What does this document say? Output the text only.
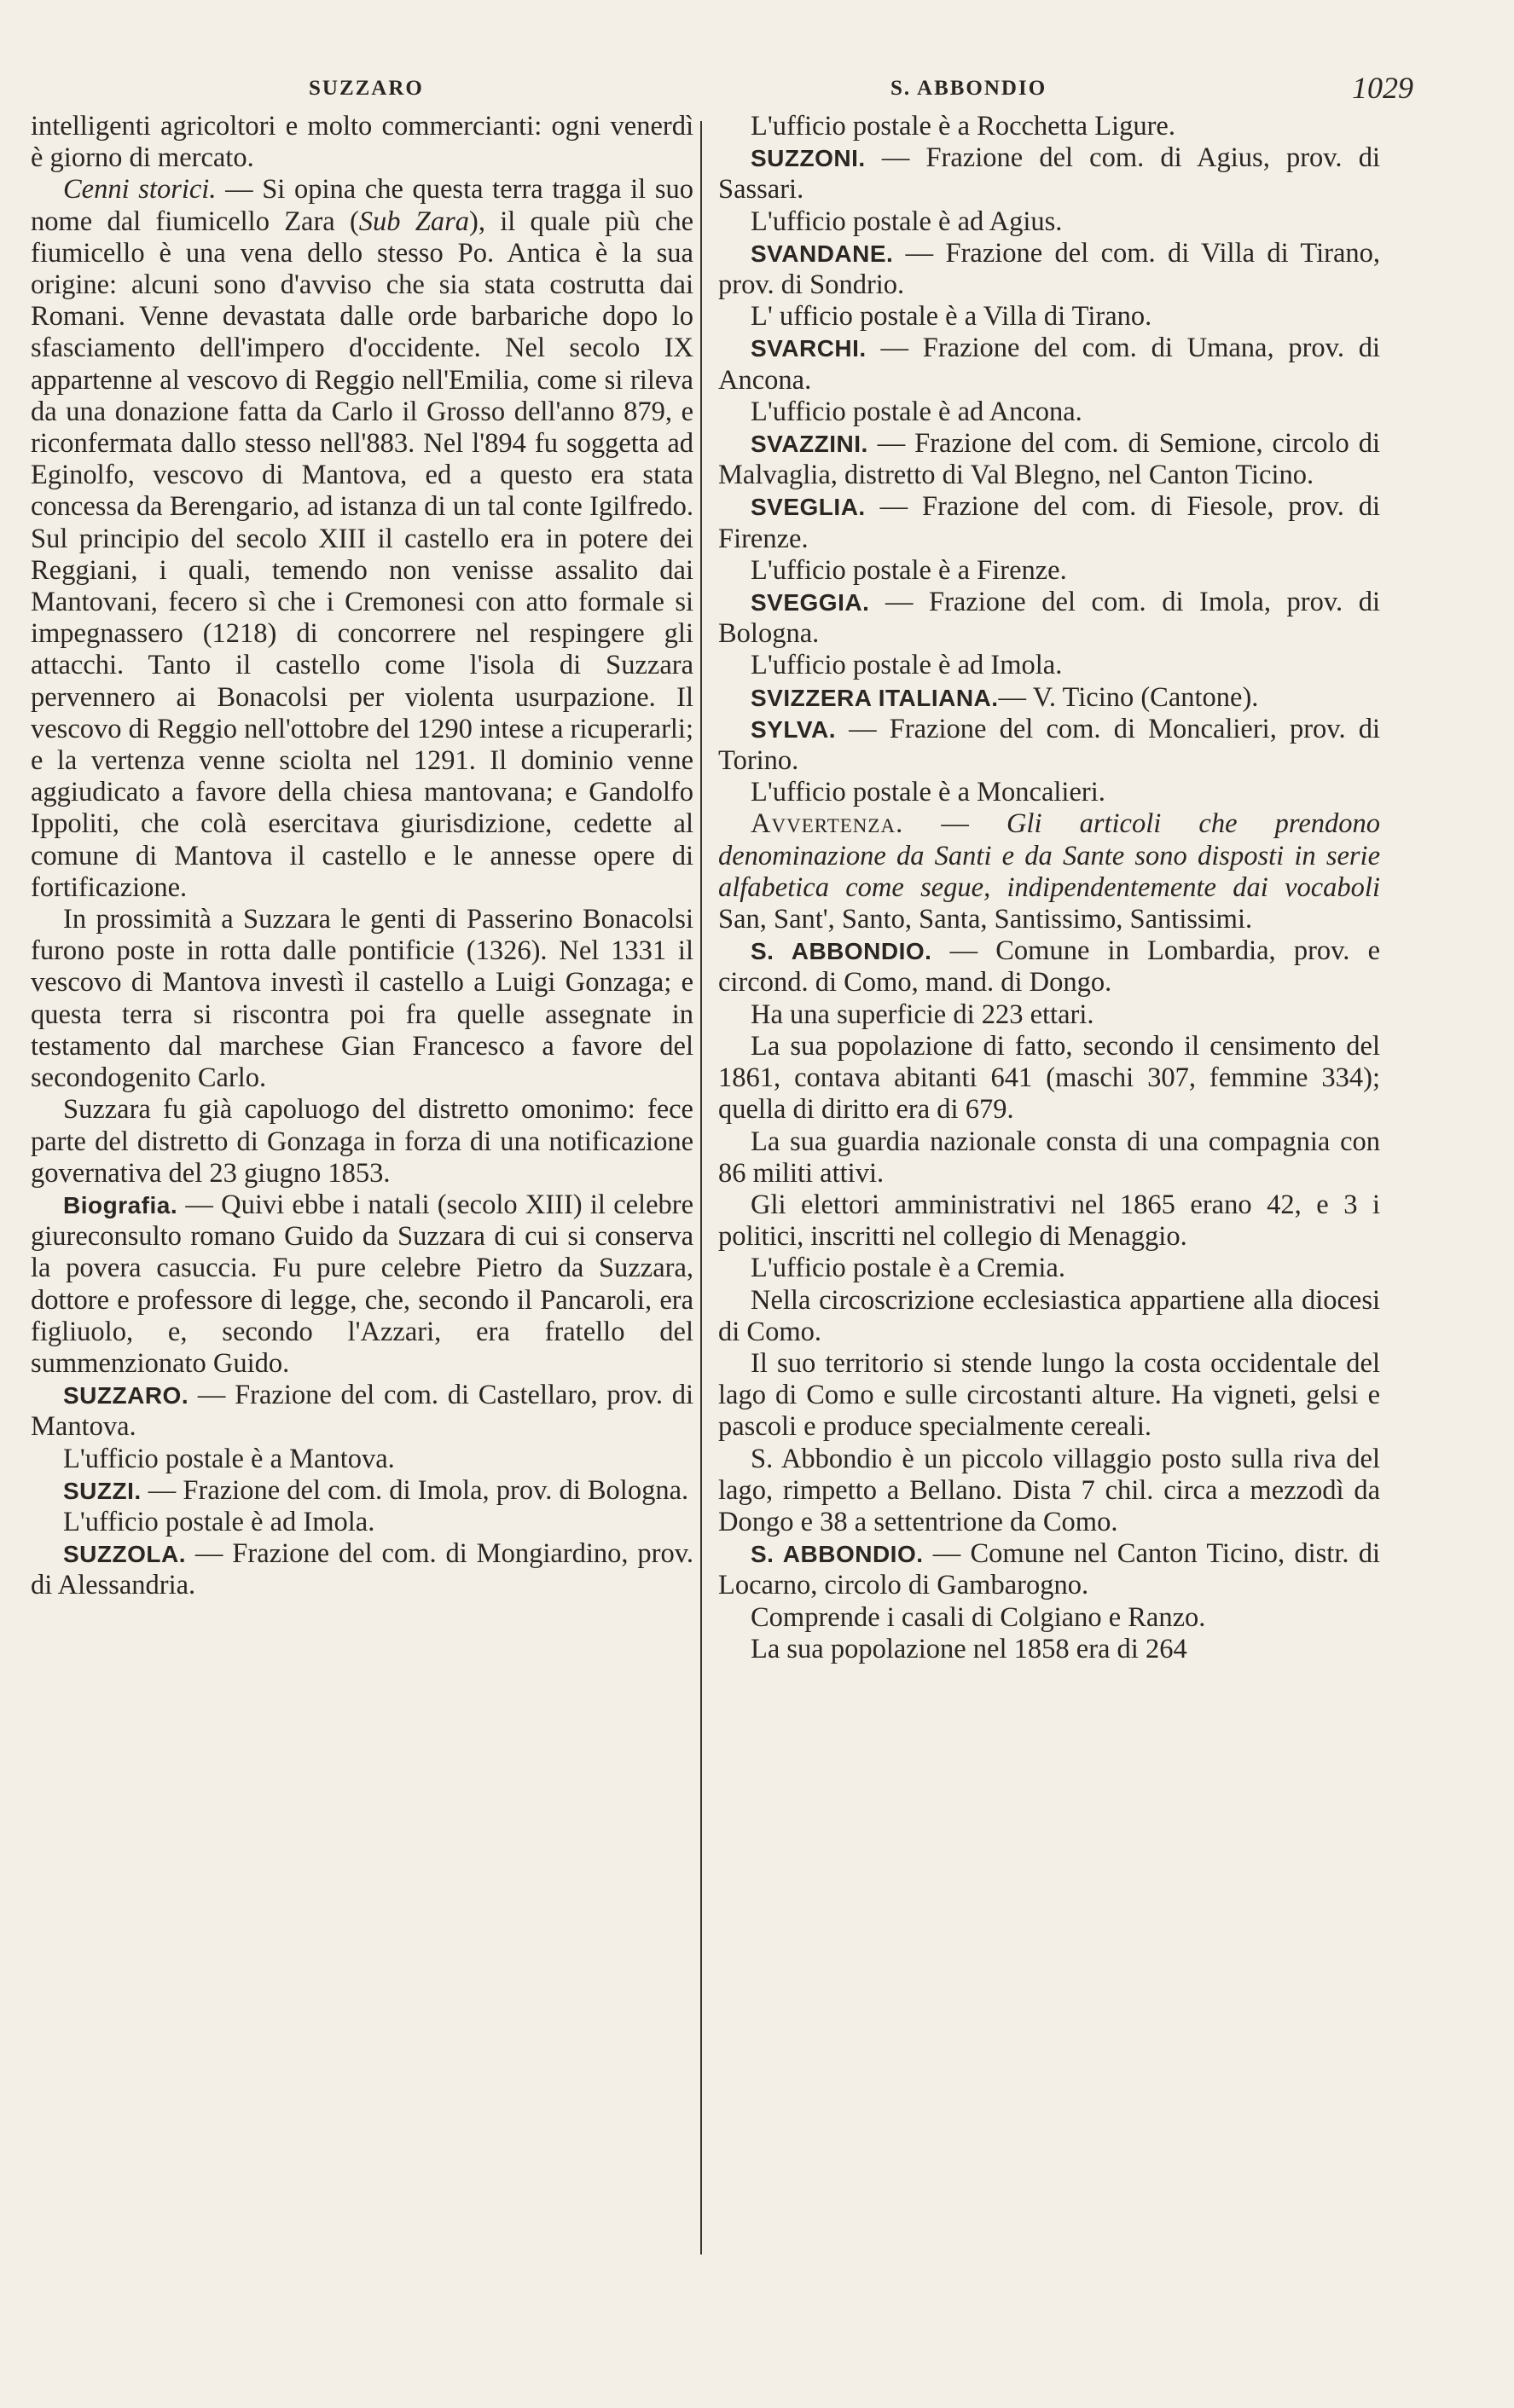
SUZZARO	S. ABBONDIO	1029

intelligenti agricoltori e molto commercianti: ogni venerdì è giorno di mercato.

Cenni storici. — Si opina che questa terra tragga il suo nome dal fiumicello Zara (Sub Zara), il quale più che fiumicello è una vena dello stesso Po. Antica è la sua origine: alcuni sono d'avviso che sia stata costrutta dai Romani. Venne devastata dalle orde barbariche dopo lo sfasciamento dell'impero d'occidente. Nel secolo IX appartenne al vescovo di Reggio nell'Emilia, come si rileva da una donazione fatta da Carlo il Grosso dell'anno 879, e riconfermata dallo stesso nell'883. Nel l'894 fu soggetta ad Eginolfo, vescovo di Mantova, ed a questo era stata concessa da Berengario, ad istanza di un tal conte Igilfredo. Sul principio del secolo XIII il castello era in potere dei Reggiani, i quali, temendo non venisse assalito dai Mantovani, fecero sì che i Cremonesi con atto formale si impegnassero (1218) di concorrere nel respingere gli attacchi. Tanto il castello come l'isola di Suzzara pervennero ai Bonacolsi per violenta usurpazione. Il vescovo di Reggio nell'ottobre del 1290 intese a ricuperarli; e la vertenza venne sciolta nel 1291. Il dominio venne aggiudicato a favore della chiesa mantovana; e Gandolfo Ippoliti, che colà esercitava giurisdizione, cedette al comune di Mantova il castello e le annesse opere di fortificazione.

In prossimità a Suzzara le genti di Passerino Bonacolsi furono poste in rotta dalle pontificie (1326). Nel 1331 il vescovo di Mantova investì il castello a Luigi Gonzaga; e questa terra si riscontra poi fra quelle assegnate in testamento dal marchese Gian Francesco a favore del secondogenito Carlo.

Suzzara fu già capoluogo del distretto omonimo: fece parte del distretto di Gonzaga in forza di una notificazione governativa del 23 giugno 1853.

Biografia. — Quivi ebbe i natali (secolo XIII) il celebre giureconsulto romano Guido da Suzzara di cui si conserva la povera casuccia. Fu pure celebre Pietro da Suzzara, dottore e professore di legge, che, secondo il Pancaroli, era figliuolo, e, secondo l'Azzari, era fratello del summenzionato Guido.

SUZZARO. — Frazione del com. di Castellaro, prov. di Mantova.

L'ufficio postale è a Mantova.

SUZZI. — Frazione del com. di Imola, prov. di Bologna.

L'ufficio postale è ad Imola.

SUZZOLA. — Frazione del com. di Mongiardino, prov. di Alessandria.

L'ufficio postale è a Rocchetta Ligure.

SUZZONI. — Frazione del com. di Agius, prov. di Sassari.

L'ufficio postale è ad Agius.

SVANDANE. — Frazione del com. di Villa di Tirano, prov. di Sondrio.

L' ufficio postale è a Villa di Tirano.

SVARCHI. — Frazione del com. di Umana, prov. di Ancona.

L'ufficio postale è ad Ancona.

SVAZZINI. — Frazione del com. di Semione, circolo di Malvaglia, distretto di Val Blegno, nel Canton Ticino.

SVEGLIA. — Frazione del com. di Fiesole, prov. di Firenze.

L'ufficio postale è a Firenze.

SVEGGIA. — Frazione del com. di Imola, prov. di Bologna.

L'ufficio postale è ad Imola.

SVIZZERA ITALIANA.— V. Ticino (Cantone).

SYLVA. — Frazione del com. di Moncalieri, prov. di Torino.

L'ufficio postale è a Moncalieri.

Avvertenza. — Gli articoli che prendono denominazione da Santi e da Sante sono disposti in serie alfabetica come segue, indipendentemente dai vocaboli San, Sant', Santo, Santa, Santissimo, Santissimi.

S. ABBONDIO. — Comune in Lombardia, prov. e circond. di Como, mand. di Dongo.

Ha una superficie di 223 ettari.

La sua popolazione di fatto, secondo il censimento del 1861, contava abitanti 641 (maschi 307, femmine 334); quella di diritto era di 679.

La sua guardia nazionale consta di una compagnia con 86 militi attivi.

Gli elettori amministrativi nel 1865 erano 42, e 3 i politici, inscritti nel collegio di Menaggio.

L'ufficio postale è a Cremia.

Nella circoscrizione ecclesiastica appartiene alla diocesi di Como.

Il suo territorio si stende lungo la costa occidentale del lago di Como e sulle circostanti alture. Ha vigneti, gelsi e pascoli e produce specialmente cereali.

S. Abbondio è un piccolo villaggio posto sulla riva del lago, rimpetto a Bellano. Dista 7 chil. circa a mezzodì da Dongo e 38 a settentrione da Como.

S. ABBONDIO. — Comune nel Canton Ticino, distr. di Locarno, circolo di Gambarogno.

Comprende i casali di Colgiano e Ranzo.

La sua popolazione nel 1858 era di 264
